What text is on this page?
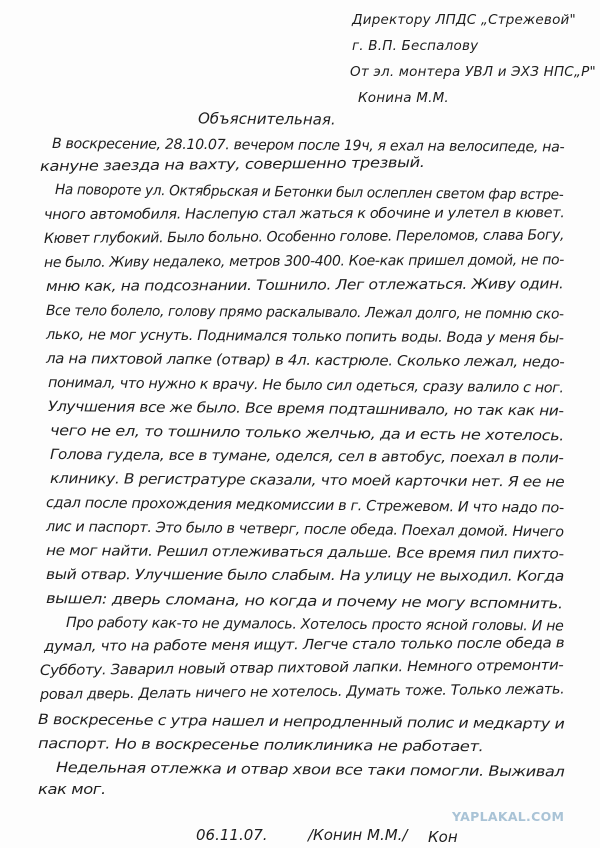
Директору ЛПДС „Стрежевой"
г. В.П. Беспалову
От эл. монтера УВЛ и ЭХЗ НПС„Р"
Конина М.М.
Объяснительная.
В воскресение, 28.10.07. вечером после 19ч, я ехал на велосипеде, на-
кануне заезда на вахту, совершенно трезвый.
На повороте ул. Октябрьская и Бетонки был ослеплен светом фар встре-
чного автомобиля. Наслепую стал жаться к обочине и улетел в кювет.
Кювет глубокий. Было больно. Особенно голове. Переломов, слава Богу,
не было. Живу недалеко, метров 300-400. Кое-как пришел домой, не по-
мню как, на подсознании. Тошнило. Лег отлежаться. Живу один.
Все тело болело, голову прямо раскалывало. Лежал долго, не помню ско-
лько, не мог уснуть. Поднимался только попить воды. Вода у меня бы-
ла на пихтовой лапке (отвар) в 4л. кастрюле. Сколько лежал, недо-
понимал, что нужно к врачу. Не было сил одеться, сразу валило с ног.
Улучшения все же было. Все время подташнивало, но так как ни-
чего не ел, то тошнило только желчью, да и есть не хотелось.
Голова гудела, все в тумане, оделся, сел в автобус, поехал в поли-
клинику. В регистратуре сказали, что моей карточки нет. Я ее не
сдал после прохождения медкомиссии в г. Стрежевом. И что надо по-
лис и паспорт. Это было в четверг, после обеда. Поехал домой. Ничего
не мог найти. Решил отлеживаться дальше. Все время пил пихто-
вый отвар. Улучшение было слабым. На улицу не выходил. Когда
вышел: дверь сломана, но когда и почему не могу вспомнить.
Про работу как-то не думалось. Хотелось просто ясной головы. И не
думал, что на работе меня ищут. Легче стало только после обеда в
Субботу. Заварил новый отвар пихтовой лапки. Немного отремонти-
ровал дверь. Делать ничего не хотелось. Думать тоже. Только лежать.
В воскресенье с утра нашел и непродленный полис и медкарту и
паспорт. Но в воскресенье поликлиника не работает.
Недельная отлежка и отвар хвои все таки помогли. Выживал
как мог.
YAPLAKAL.COM
06.11.07.	/Конин М.М./ Кон
